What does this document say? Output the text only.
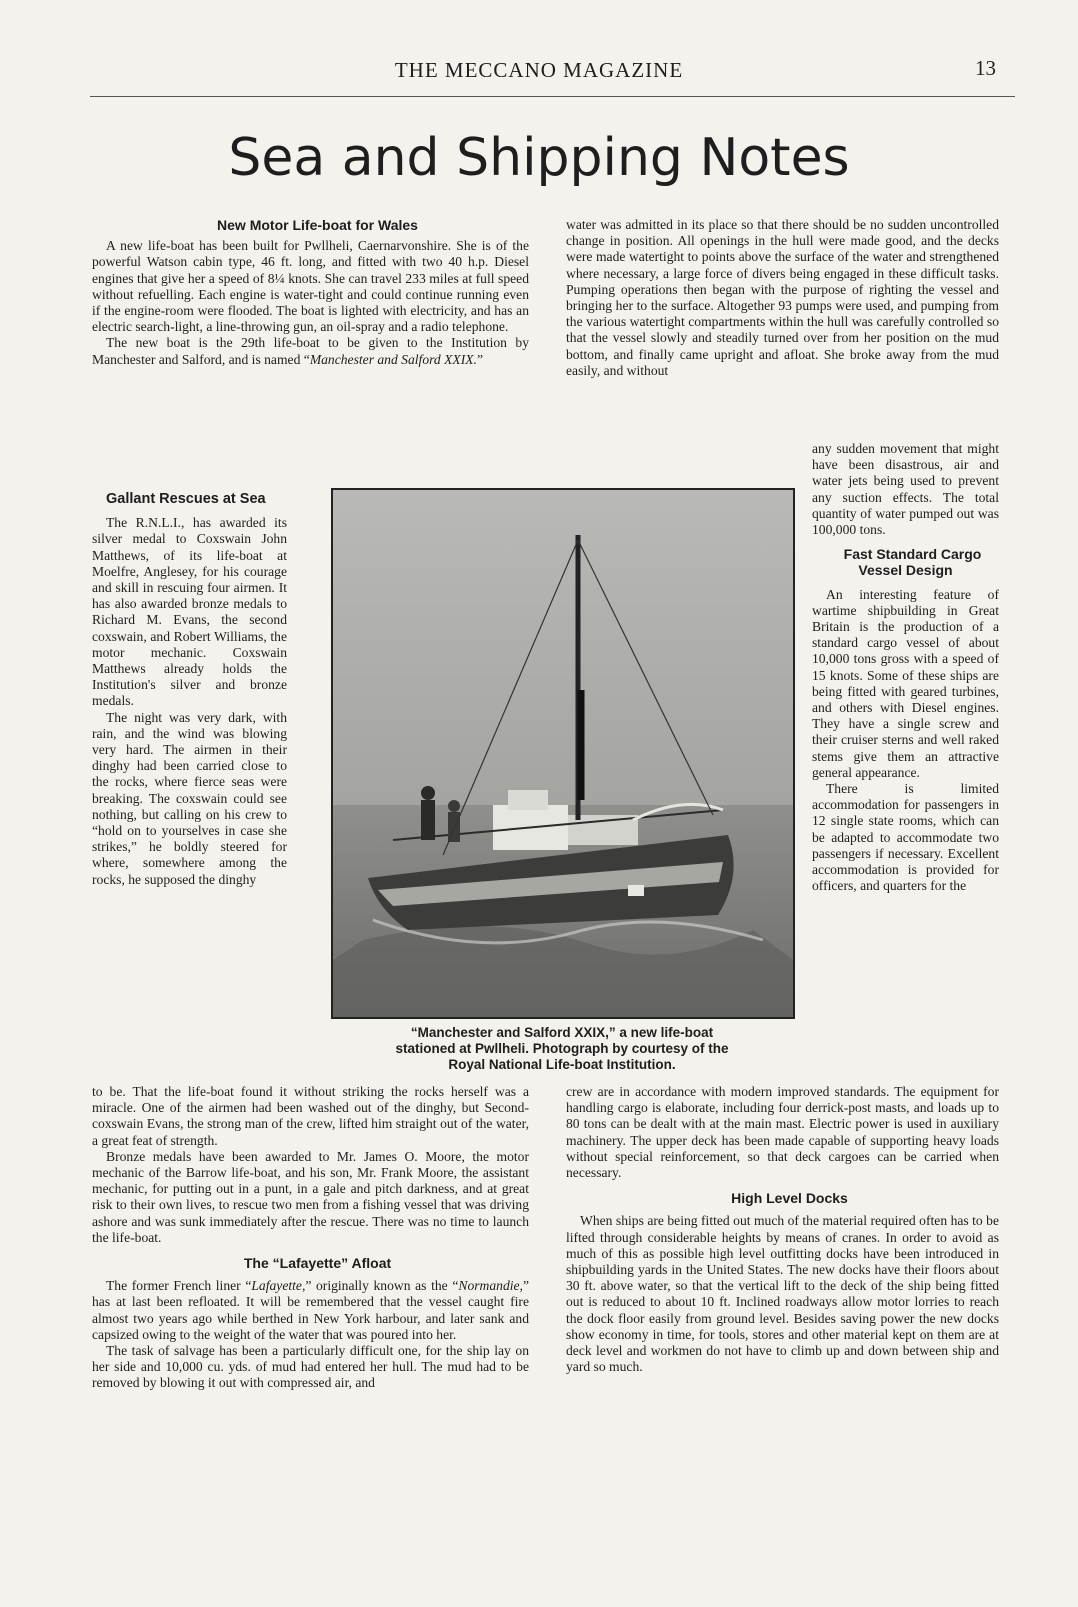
THE MECCANO MAGAZINE	13
Sea and Shipping Notes

New Motor Life-boat for Wales

A new life-boat has been built for Pwllheli, Caernarvonshire. She is of the powerful Watson cabin type, 46 ft. long, and fitted with two 40 h.p. Diesel engines that give her a speed of 8¼ knots. She can travel 233 miles at full speed without refuelling. Each engine is water-tight and could continue running even if the engine-room were flooded. The boat is lighted with electricity, and has an electric search-light, a line-throwing gun, an oil-spray and a radio telephone.

The new boat is the 29th life-boat to be given to the Institution by Manchester and Salford, and is named “Manchester and Salford XXIX.”

Gallant Rescues at Sea

The R.N.L.I., has awarded its silver medal to Coxswain John Matthews, of its life-boat at Moelfre, Anglesey, for his courage and skill in rescuing four airmen. It has also awarded bronze medals to Richard M. Evans, the second coxswain, and Robert Williams, the motor mechanic. Coxswain Matthews already holds the Institution's silver and bronze medals.

The night was very dark, with rain, and the wind was blowing very hard. The airmen in their dinghy had been carried close to the rocks, where fierce seas were breaking. The coxswain could see nothing, but calling on his crew to “hold on to yourselves in case she strikes,” he boldly steered for where, somewhere among the rocks, he supposed the dinghy

to be. That the life-boat found it without striking the rocks herself was a miracle. One of the airmen had been washed out of the dinghy, but Second-coxswain Evans, the strong man of the crew, lifted him straight out of the water, a great feat of strength.

Bronze medals have been awarded to Mr. James O. Moore, the motor mechanic of the Barrow life-boat, and his son, Mr. Frank Moore, the assistant mechanic, for putting out in a punt, in a gale and pitch darkness, and at great risk to their own lives, to rescue two men from a fishing vessel that was driving ashore and was sunk immediately after the rescue. There was no time to launch the life-boat.

The “Lafayette” Afloat

The former French liner “Lafayette,” originally known as the “Normandie,” has at last been refloated. It will be remembered that the vessel caught fire almost two years ago while berthed in New York harbour, and later sank and capsized owing to the weight of the water that was poured into her.

The task of salvage has been a particularly difficult one, for the ship lay on her side and 10,000 cu. yds. of mud had entered her hull. The mud had to be removed by blowing it out with compressed air, and

water was admitted in its place so that there should be no sudden uncontrolled change in position. All openings in the hull were made good, and the decks were made watertight to points above the surface of the water and strengthened where necessary, a large force of divers being engaged in these difficult tasks. Pumping operations then began with the purpose of righting the vessel and bringing her to the surface. Altogether 93 pumps were used, and pumping from the various watertight compartments within the hull was carefully controlled so that the vessel slowly and steadily turned over from her position on the mud bottom, and finally came upright and afloat. She broke away from the mud easily, and without

any sudden movement that might have been disastrous, air and water jets being used to prevent any suction effects. The total quantity of water pumped out was 100,000 tons.

Fast Standard Cargo Vessel Design

An interesting feature of wartime shipbuilding in Great Britain is the production of a standard cargo vessel of about 10,000 tons gross with a speed of 15 knots. Some of these ships are being fitted with geared turbines, and others with Diesel engines. They have a single screw and their cruiser sterns and well raked stems give them an attractive general appearance.

There is limited accommodation for passengers in 12 single state rooms, which can be adapted to accommodate two passengers if necessary. Excellent accommodation is provided for officers, and quarters for the

crew are in accordance with modern improved standards. The equipment for handling cargo is elaborate, including four derrick-post masts, and loads up to 80 tons can be dealt with at the main mast. Electric power is used in auxiliary machinery. The upper deck has been made capable of supporting heavy loads without special reinforcement, so that deck cargoes can be carried when necessary.

High Level Docks

When ships are being fitted out much of the material required often has to be lifted through considerable heights by means of cranes. In order to avoid as much of this as possible high level outfitting docks have been introduced in shipbuilding yards in the United States. The new docks have their floors about 30 ft. above water, so that the vertical lift to the deck of the ship being fitted out is reduced to about 10 ft. Inclined roadways allow motor lorries to reach the dock floor easily from ground level. Besides saving power the new docks show economy in time, for tools, stores and other material kept on them are at deck level and workmen do not have to climb up and down between ship and yard so much.

“Manchester and Salford XXIX,” a new life-boat
stationed at Pwllheli. Photograph by courtesy of the
Royal National Life-boat Institution.
